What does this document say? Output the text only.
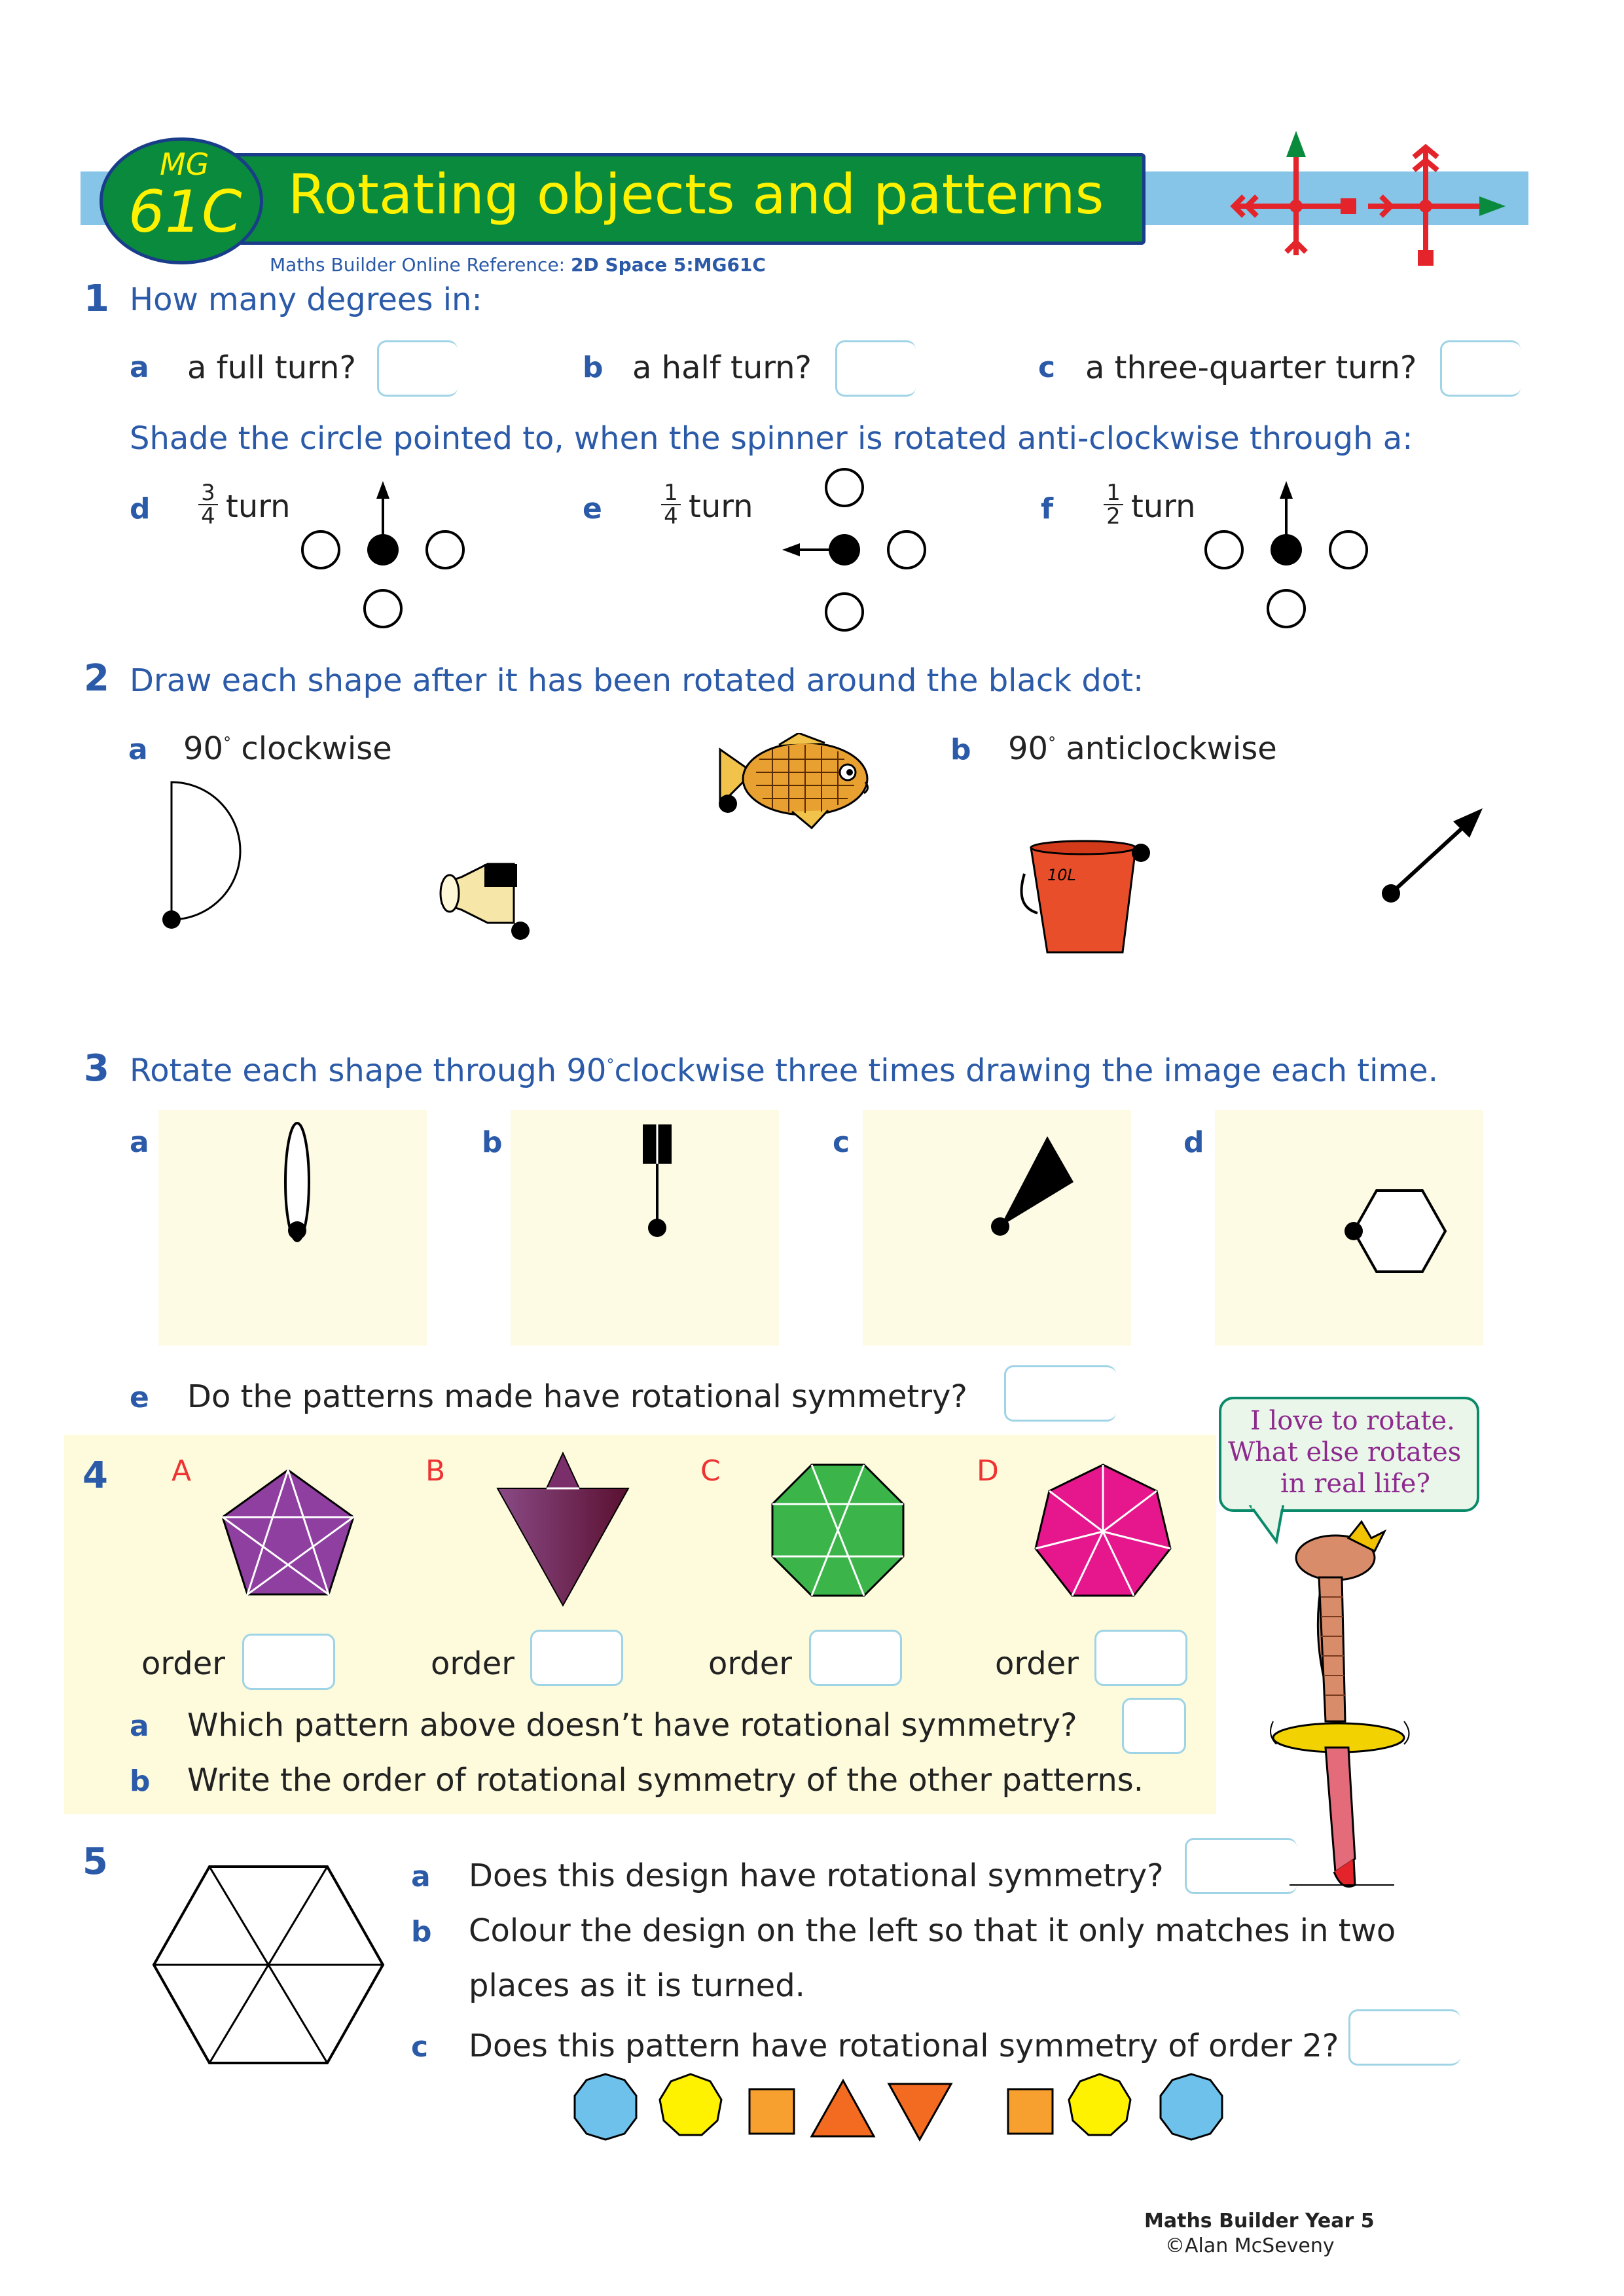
Rotating objects and patterns
MG
61C
Maths Builder Online Reference: 2D Space 5:MG61C
1 How many degrees in:
a a full turn?	b a half turn?	c a three-quarter turn?
Shade the circle pointed to, when the spinner is rotated anti-clockwise through a:
d $\frac{3}{4}$ turn	e	$\frac{1}{4}$ turn	f $\frac{1}{2}$ turn
2 Draw each shape after it has been rotated around the black dot:
a 90° clockwise	b 90° anticlockwise
10L
3 Rotate each shape through 90°clockwise three times drawing the image each time.
a	b	c	d
e Do the patterns made have rotational symmetry?
4 A	B	C	D
order	order	order	order
a Which pattern above doesn’t have rotational symmetry?
b Write the order of rotational symmetry of the other patterns.
I love to rotate.
What else rotates
in real life?
5	a Does this design have rotational symmetry?
b Colour the design on the left so that it only matches in two
places as it is turned.
c Does this pattern have rotational symmetry of order 2?
Maths Builder Year 5
©Alan McSeveny
